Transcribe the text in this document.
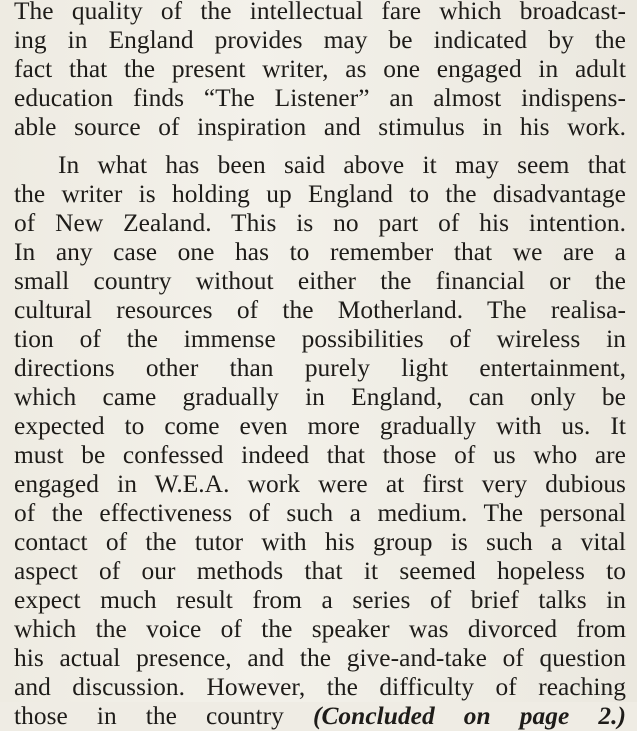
The quality of the intellectual fare which broadcast-
ing in England provides may be indicated by the
fact that the present writer, as one engaged in adult
education finds “The Listener” an almost indispens-
able source of inspiration and stimulus in his work.
In what has been said above it may seem that
the writer is holding up England to the disadvantage
of New Zealand. This is no part of his intention.
In any case one has to remember that we are a
small country without either the financial or the
cultural resources of the Motherland. The realisa-
tion of the immense possibilities of wireless in
directions other than purely light entertainment,
which came gradually in England, can only be
expected to come even more gradually with us. It
must be confessed indeed that those of us who are
engaged in W.E.A. work were at first very dubious
of the effectiveness of such a medium. The personal
contact of the tutor with his group is such a vital
aspect of our methods that it seemed hopeless to
expect much result from a series of brief talks in
which the voice of the speaker was divorced from
his actual presence, and the give-and-take of question
and discussion. However, the difficulty of reaching
those in the country (Concluded on page 2.)
